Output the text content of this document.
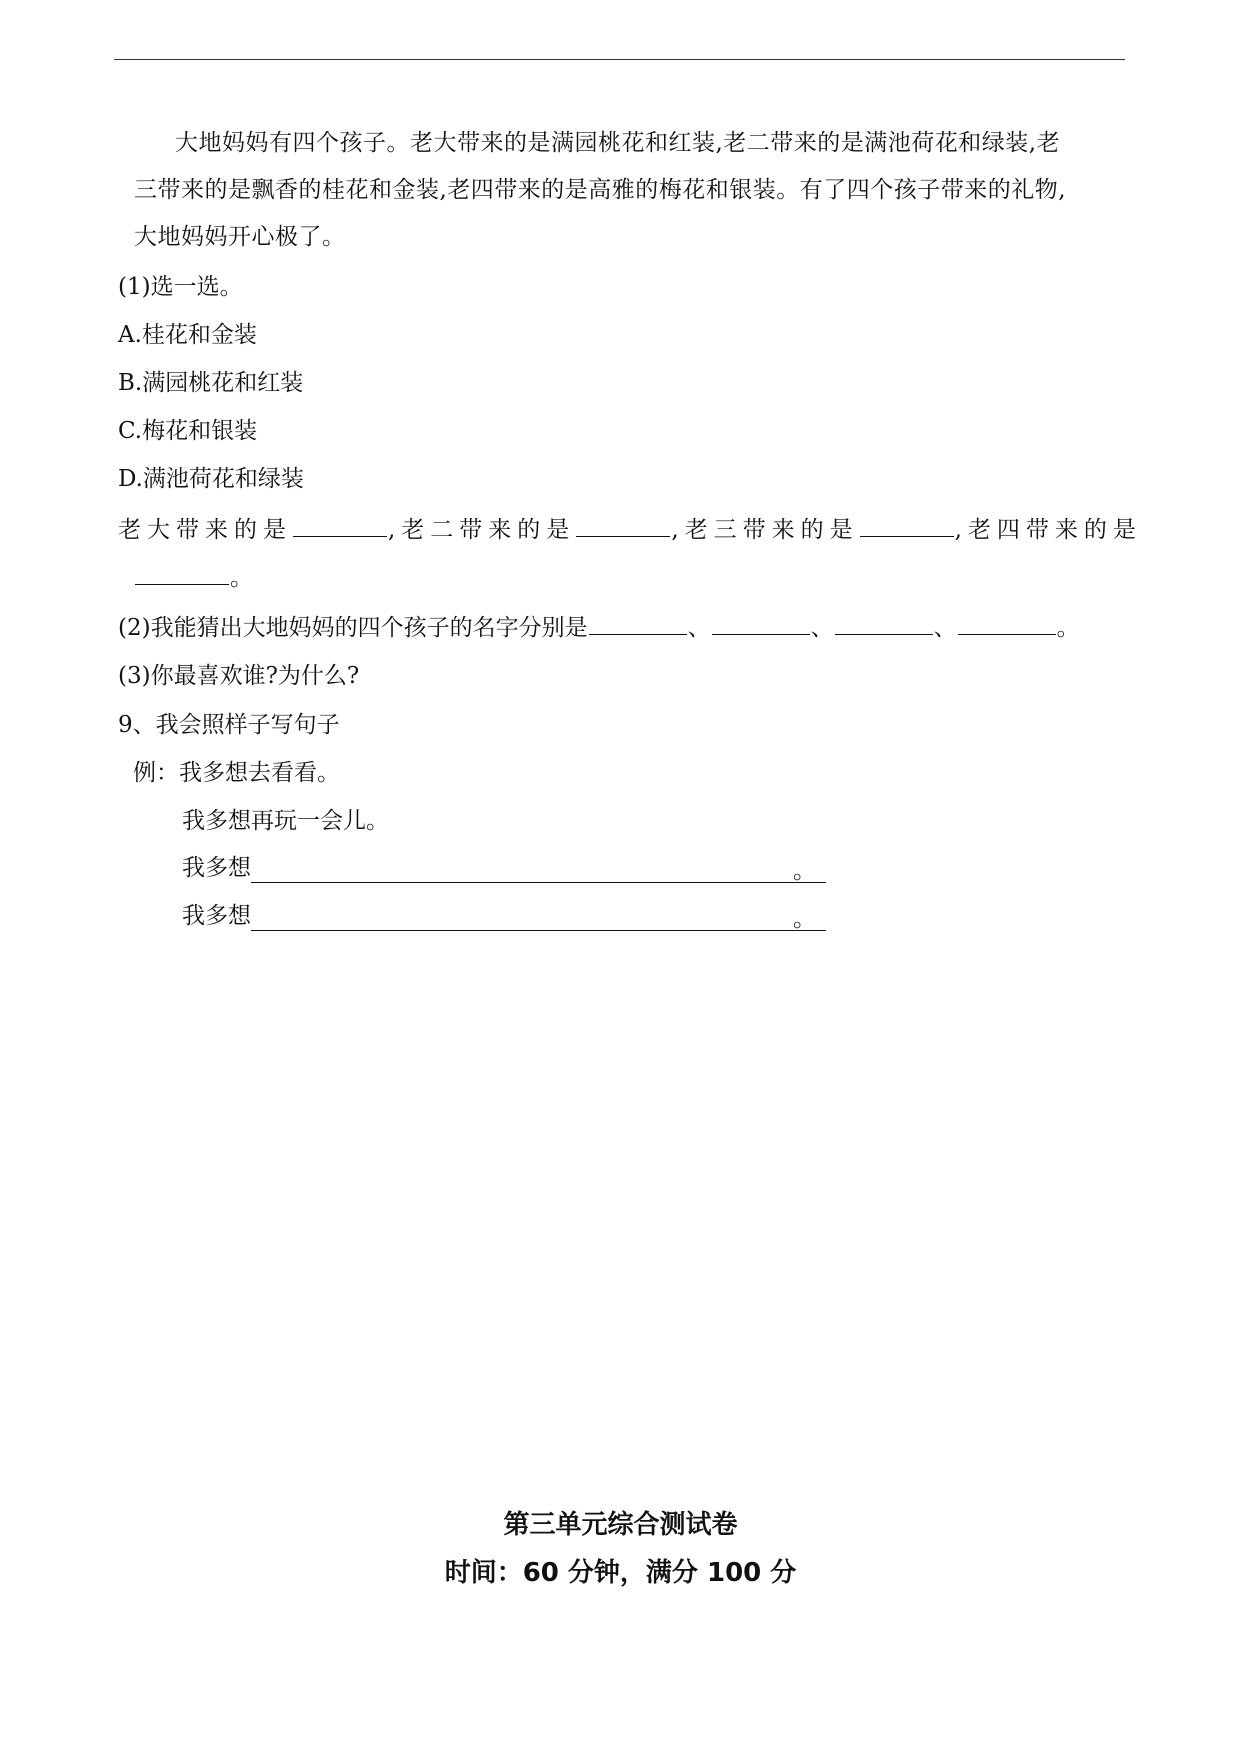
大地妈妈有四个孩子。老大带来的是满园桃花和红装,老二带来的是满池荷花和绿装,老
三带来的是飘香的桂花和金装,老四带来的是高雅的梅花和银装。有了四个孩子带来的礼物,
大地妈妈开心极了。
(1)选一选。
A.桂花和金装
B.满园桃花和红装
C.梅花和银装
D.满池荷花和绿装
老大带来的是	,老二带来的是	,老三带来的是	,老四带来的是
。
(2)我能猜出大地妈妈的四个孩子的名字分别是	、	、	、	。
(3)你最喜欢谁?为什么?
9、我会照样子写句子
例：我多想去看看。
我多想再玩一会儿。
我多想	。
我多想	。
第三单元综合测试卷
时间：60 分钟，满分 100 分
